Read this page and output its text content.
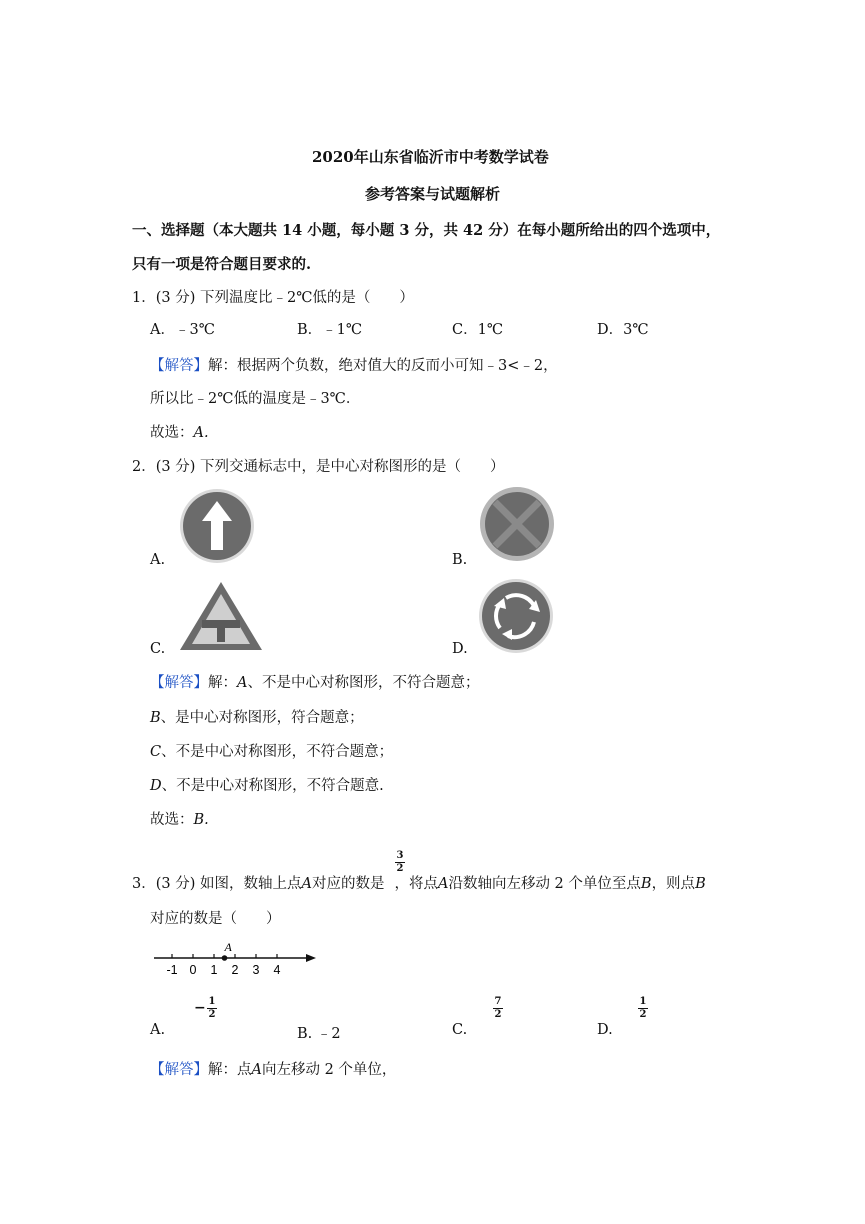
2020年山东省临沂市中考数学试卷
参考答案与试题解析
一、选择题（本大题共 14 小题，每小题 3 分，共 42 分）在每小题所给出的四个选项中，
只有一项是符合题目要求的.
1．(3 分) 下列温度比﹣2℃低的是（　　）
A．﹣3℃	B．﹣1℃	C．1℃	D．3℃
【解答】解：根据两个负数，绝对值大的反而小可知﹣3<﹣2，
所以比﹣2℃低的温度是﹣3℃．
故选：A.
2．(3 分) 下列交通标志中，是中心对称图形的是（　　）
A.	B.
C.	D.
【解答】解：A、不是中心对称图形，不符合题意；
B、是中心对称图形，符合题意；
C、不是中心对称图形，不符合题意；
D、不是中心对称图形，不符合题意.
故选：B.
3
2
3．(3 分) 如图，数轴上点A对应的数是 ，将点A沿数轴向左移动 2 个单位至点B，则点B
对应的数是（　　）
-1 0 1 2 3 4
A
A.
− 1
2
B. ﹣2	C.
7
2
D.
1
2
【解答】解：点A向左移动 2 个单位，
